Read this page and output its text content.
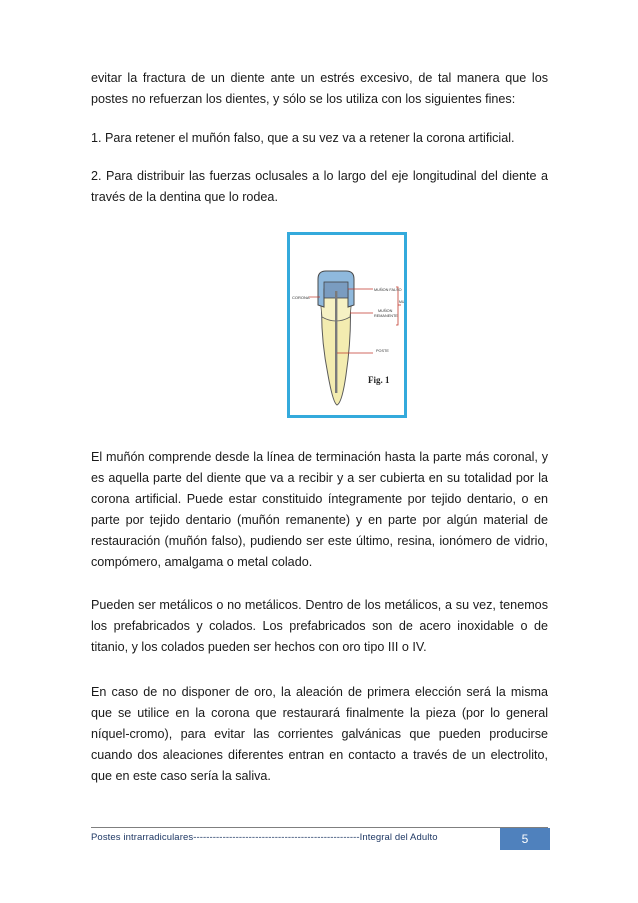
evitar la fractura de un diente ante un estrés excesivo, de tal manera que los postes no refuerzan los dientes, y sólo se los utiliza con los siguientes fines:

1. Para retener el muñón falso, que a su vez va a retener la corona artificial.

2. Para distribuir las fuerzas oclusales a lo largo del eje longitudinal del diente a través de la dentina que lo rodea.

CORONA
MUÑON FALSO
MUÑON
REMANENTE
POSTE
MU
Fig. 1

El muñón comprende desde la línea de terminación hasta la parte más coronal, y es aquella parte del diente que va a recibir y a ser cubierta en su totalidad por la corona artificial. Puede estar constituido íntegramente por tejido dentario, o en parte por tejido dentario (muñón remanente) y en parte por algún material de restauración (muñón falso), pudiendo ser este último, resina, ionómero de vidrio, compómero, amalgama o metal colado.

Pueden ser metálicos o no metálicos. Dentro de los metálicos, a su vez, tenemos los prefabricados y colados. Los prefabricados son de acero inoxidable o de titanio, y los colados pueden ser hechos con oro tipo III o IV.

En caso de no disponer de oro, la aleación de primera elección será la misma que se utilice en la corona que restaurará finalmente la pieza (por lo general níquel-cromo), para evitar las corrientes galvánicas que pueden producirse cuando dos aleaciones diferentes entran en contacto a través de un electrolito, que en este caso sería la saliva.

Postes intrarradiculares---------------------------------------------------Integral del Adulto	5
